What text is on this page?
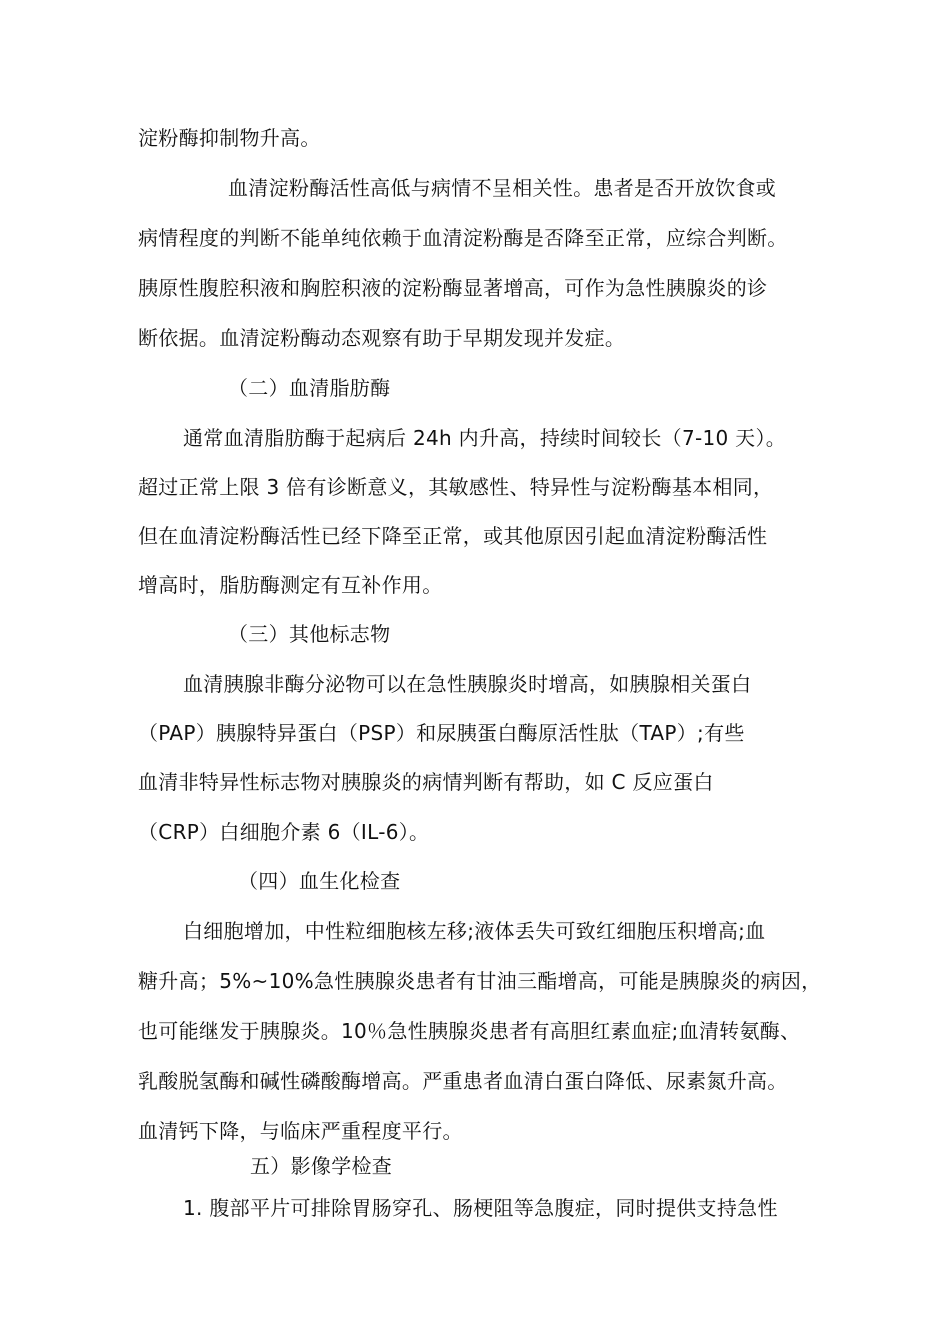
淀粉酶抑制物升高。
血清淀粉酶活性高低与病情不呈相关性。患者是否开放饮食或
病情程度的判断不能单纯依赖于血清淀粉酶是否降至正常，应综合判断。
胰原性腹腔积液和胸腔积液的淀粉酶显著增高，可作为急性胰腺炎的诊
断依据。血清淀粉酶动态观察有助于早期发现并发症。
（二）血清脂肪酶
通常血清脂肪酶于起病后 24h 内升高，持续时间较长（7-10 天）。
超过正常上限 3 倍有诊断意义，其敏感性、特异性与淀粉酶基本相同，
但在血清淀粉酶活性已经下降至正常，或其他原因引起血清淀粉酶活性
增高时，脂肪酶测定有互补作用。
（三）其他标志物
血清胰腺非酶分泌物可以在急性胰腺炎时增高，如胰腺相关蛋白
（PAP）胰腺特异蛋白（PSP）和尿胰蛋白酶原活性肽（TAP）;有些
血清非特异性标志物对胰腺炎的病情判断有帮助，如 C 反应蛋白
（CRP）白细胞介素 6（IL-6）。
（四）血生化检查
白细胞增加，中性粒细胞核左移;液体丢失可致红细胞压积增高;血
糖升高；5%~10%急性胰腺炎患者有甘油三酯增高，可能是胰腺炎的病因，
也可能继发于胰腺炎。10％急性胰腺炎患者有高胆红素血症;血清转氨酶、
乳酸脱氢酶和碱性磷酸酶增高。严重患者血清白蛋白降低、尿素氮升高。
血清钙下降，与临床严重程度平行。
五）影像学检查
1. 腹部平片可排除胃肠穿孔、肠梗阻等急腹症，同时提供支持急性
